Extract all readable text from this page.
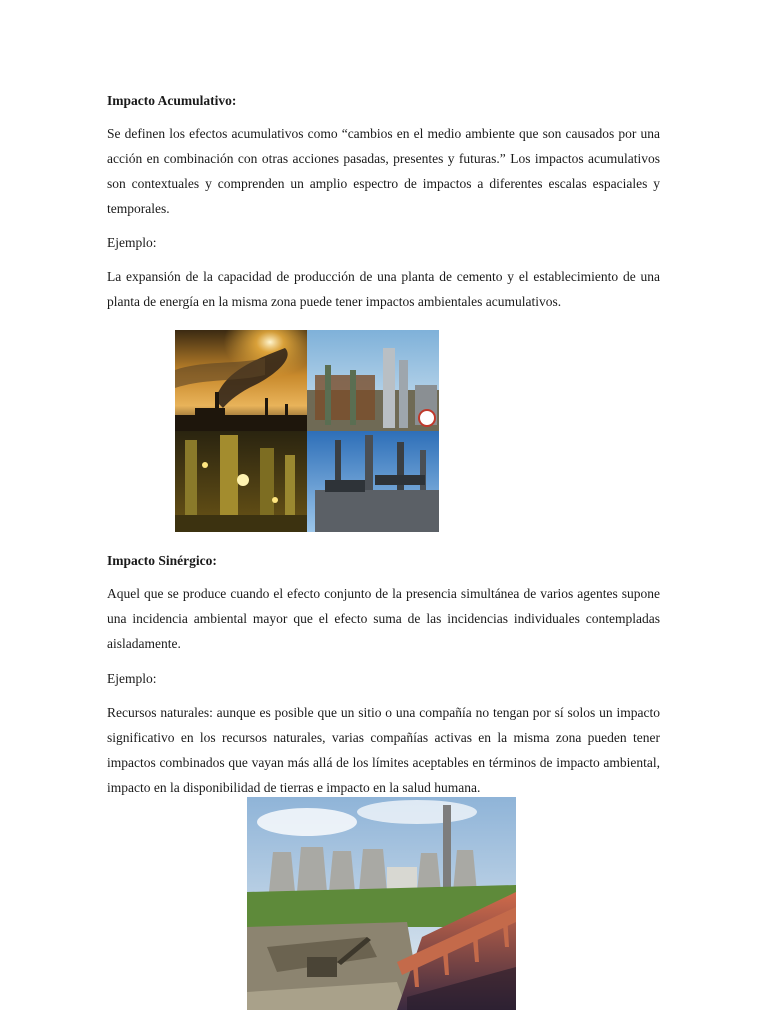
Impacto Acumulativo:

Se definen los efectos acumulativos como “cambios en el medio ambiente que son causados por una acción en combinación con otras acciones pasadas, presentes y futuras.” Los impactos acumulativos son contextuales y comprenden un amplio espectro de impactos a diferentes escalas espaciales y temporales.

Ejemplo:

La expansión de la capacidad de producción de una planta de cemento y el establecimiento de una planta de energía en la misma zona puede tener impactos ambientales acumulativos.

Impacto Sinérgico:

Aquel que se produce cuando el efecto conjunto de la presencia simultánea de varios agentes supone una incidencia ambiental mayor que el efecto suma de las incidencias individuales contempladas aisladamente.

Ejemplo:

Recursos naturales: aunque es posible que un sitio o una compañía no tengan por sí solos un impacto significativo en los recursos naturales, varias compañías activas en la misma zona pueden tener impactos combinados que vayan más allá de los límites aceptables en términos de impacto ambiental, impacto en la disponibilidad de tierras e impacto en la salud humana.
